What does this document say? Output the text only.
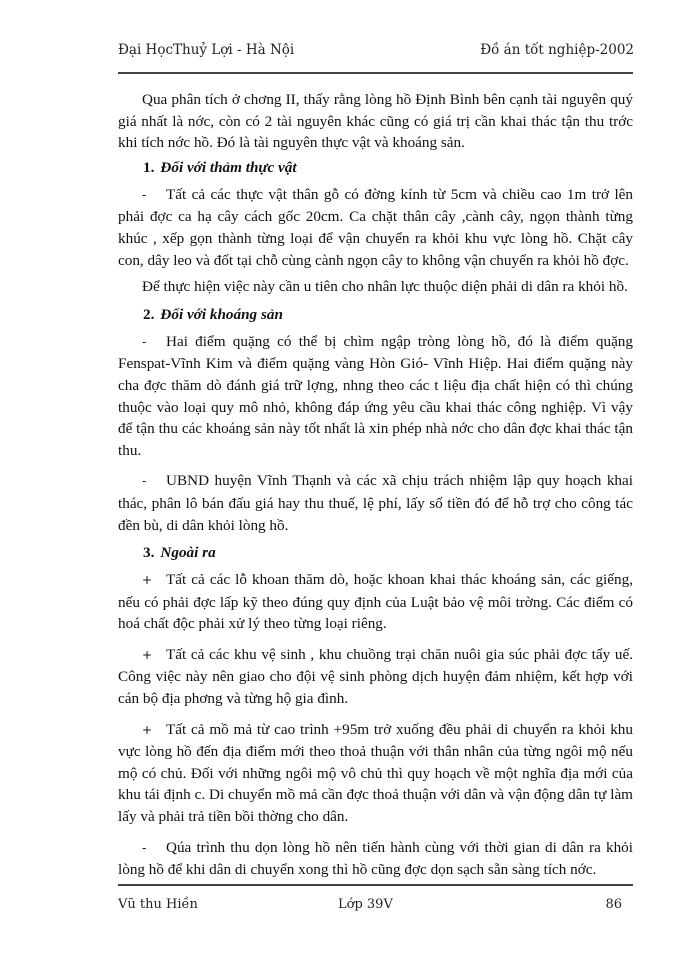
Đại HọcThuỷ Lợi - Hà Nội	Đồ án tốt nghiệp-2002

Qua phân tích ở chơng II, thấy rằng lòng hồ Định Bình bên cạnh tài nguyên quý giá nhất là nớc, còn có 2 tài nguyên khác cũng có giá trị cần khai thác tận thu trớc khi tích nớc hồ. Đó là tài nguyên thực vật và khoáng sản.

1. Đối với thảm thực vật

- Tất cả các thực vật thân gỗ có đờng kính từ 5cm và chiều cao 1m trở lên phải đợc ca hạ cây cách gốc 20cm. Ca chặt thân cây ,cành cây, ngọn thành từng khúc , xếp gọn thành từng loại để vận chuyển ra khỏi khu vực lòng hồ. Chặt cây con, dây leo và đốt tại chỗ cùng cành ngọn cây to không vận chuyển ra khỏi hồ đợc.

Để thực hiện việc này cần u tiên cho nhân lực thuộc diện phải di dân ra khỏi hồ.

2. Đối với khoáng sản

- Hai điểm quặng có thể bị chìm ngập tròng lòng hồ, đó là điểm quặng Fenspat-Vĩnh Kim và điểm quặng vàng Hòn Gió- Vĩnh Hiệp. Hai điểm quặng này cha đợc thăm dò đánh giá trữ lợng, nhng theo các t liệu địa chất hiện có thì chúng thuộc vào loại quy mô nhỏ, không đáp ứng yêu cầu khai thác công nghiệp. Vì vậy để tận thu các khoáng sản này tốt nhất là xin phép nhà nớc cho dân đợc khai thác tận thu.

- UBND huyện Vĩnh Thạnh và các xã chịu trách nhiệm lập quy hoạch khai thác, phân lô bán đấu giá hay thu thuế, lệ phí, lấy số tiền đó để hỗ trợ cho công tác đền bù, di dân khỏi lòng hồ.

3. Ngoài ra

+ Tất cả các lỗ khoan thăm dò, hoặc khoan khai thác khoáng sản, các giếng, nếu có phải đợc lấp kỹ theo đúng quy định của Luật bảo vệ môi trờng. Các điểm có hoá chất độc phải xử lý theo từng loại riêng.

+ Tất cả các khu vệ sinh , khu chuồng trại chăn nuôi gia súc phải đợc tẩy uế. Công việc này nên giao cho đội vệ sinh phòng dịch huyện đảm nhiệm, kết hợp với cán bộ địa phơng và từng hộ gia đình.

+ Tất cả mồ mả từ cao trình +95m trở xuống đều phải di chuyển ra khỏi khu vực lòng hồ đến địa điểm mới theo thoả thuận với thân nhân của từng ngôi mộ nếu mộ có chủ. Đối với những ngôi mộ vô chủ thì quy hoạch về một nghĩa địa mới của khu tái định c. Di chuyển mồ mả cần đợc thoả thuận với dân và vận động dân tự làm lấy và phải trả tiền bồi thờng cho dân.

- Qúa trình thu dọn lòng hồ nên tiến hành cùng với thời gian di dân ra khỏi lòng hồ để khi dân di chuyển xong thì hồ cũng đợc dọn sạch sẵn sàng tích nớc.

Vũ thu Hiền	Lớp 39V	86
